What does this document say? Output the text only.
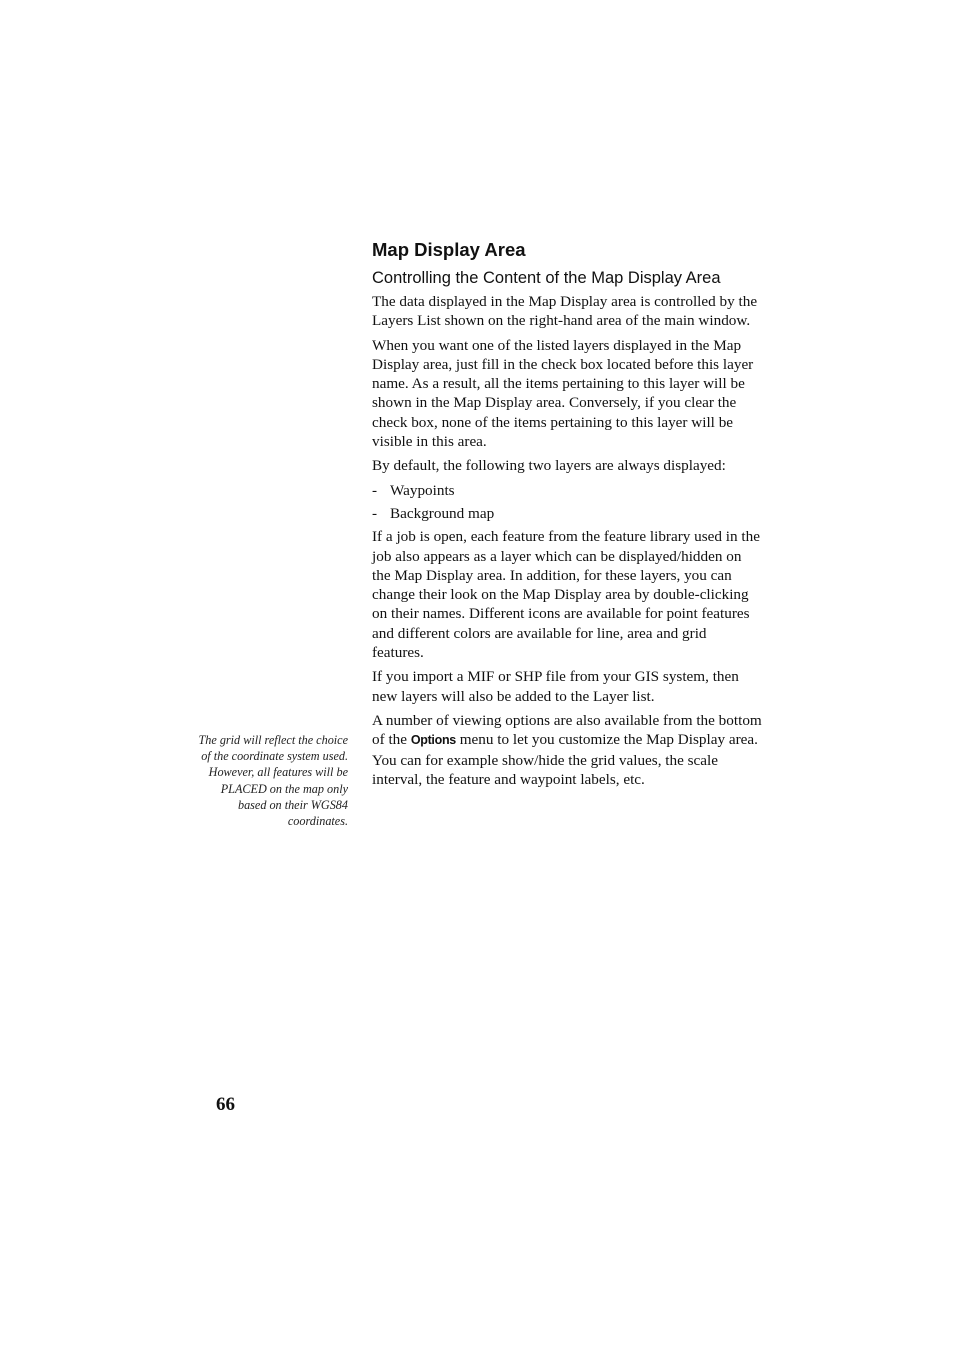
Map Display Area
Controlling the Content of the Map Display Area

The data displayed in the Map Display area is controlled by the Layers List shown on the right-hand area of the main window.

When you want one of the listed layers displayed in the Map Display area, just fill in the check box located before this layer name. As a result, all the items pertaining to this layer will be shown in the Map Display area. Conversely, if you clear the check box, none of the items pertaining to this layer will be visible in this area.

By default, the following two layers are always displayed:

- Waypoints
- Background map

If a job is open, each feature from the feature library used in the job also appears as a layer which can be displayed/hidden on the Map Display area. In addition, for these layers, you can change their look on the Map Display area by double-clicking on their names. Different icons are available for point features and different colors are available for line, area and grid features.

If you import a MIF or SHP file from your GIS system, then new layers will also be added to the Layer list.

A number of viewing options are also available from the bottom of the Options menu to let you customize the Map Display area. You can for example show/hide the grid values, the scale interval, the feature and waypoint labels, etc.

The grid will reflect the choice of the coordinate system used. However, all features will be PLACED on the map only based on their WGS84 coordinates.
66
